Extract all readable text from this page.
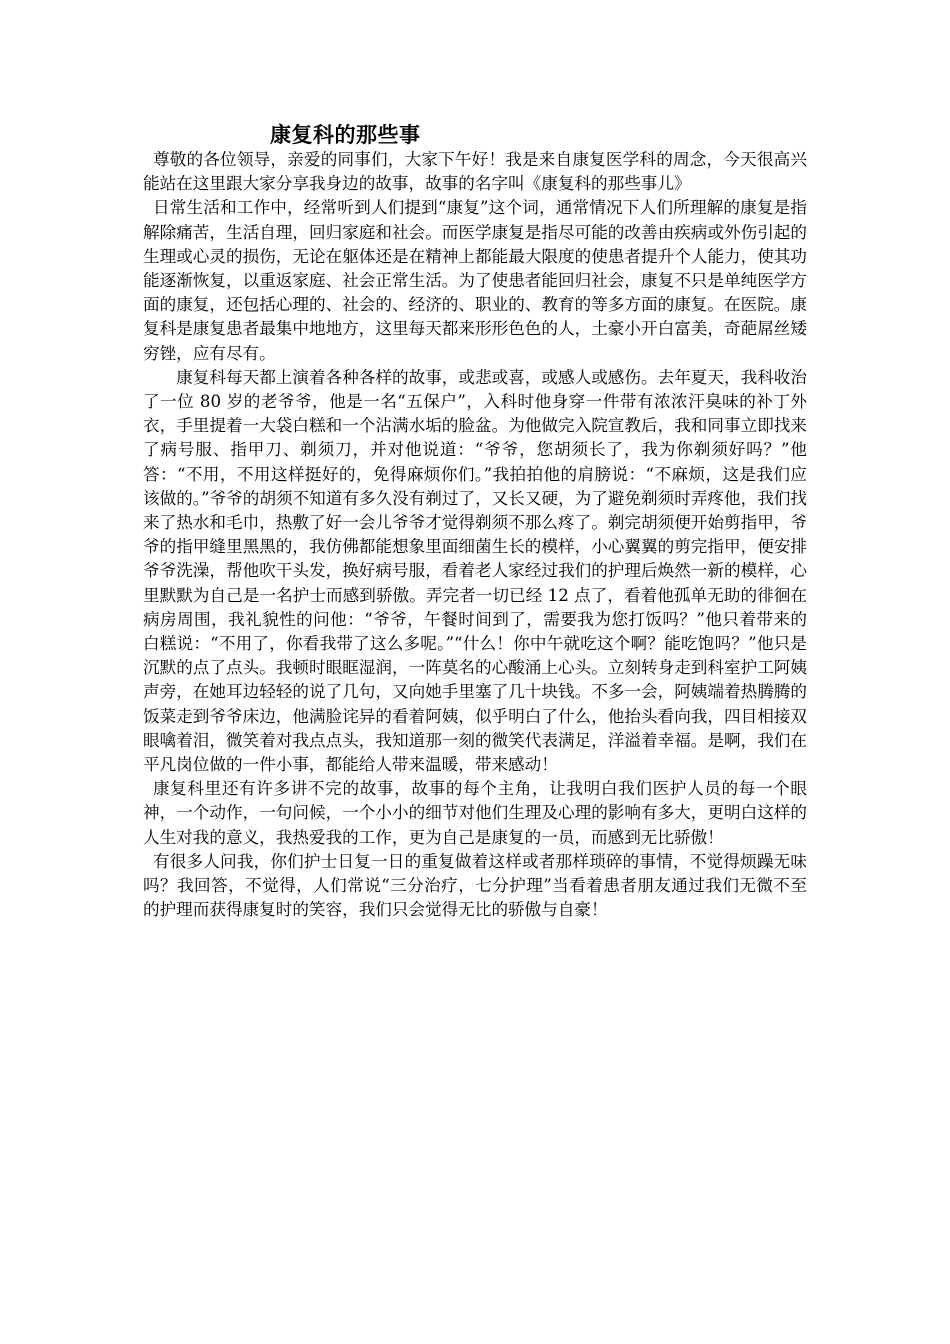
康复科的那些事

尊敬的各位领导，亲爱的同事们，大家下午好！我是来自康复医学科的周念，今天很高兴能站在这里跟大家分享我身边的故事，故事的名字叫《康复科的那些事儿》

日常生活和工作中，经常听到人们提到“康复”这个词，通常情况下人们所理解的康复是指解除痛苦，生活自理，回归家庭和社会。而医学康复是指尽可能的改善由疾病或外伤引起的生理或心灵的损伤，无论在躯体还是在精神上都能最大限度的使患者提升个人能力，使其功能逐渐恢复，以重返家庭、社会正常生活。为了使患者能回归社会，康复不只是单纯医学方面的康复，还包括心理的、社会的、经济的、职业的、教育的等多方面的康复。在医院。康复科是康复患者最集中地地方，这里每天都来形形色色的人，土豪小开白富美，奇葩屌丝矮穷锉，应有尽有。

康复科每天都上演着各种各样的故事，或悲或喜，或感人或感伤。去年夏天，我科收治了一位 80 岁的老爷爷，他是一名“五保户”，入科时他身穿一件带有浓浓汗臭味的补丁外衣，手里提着一大袋白糕和一个沾满水垢的脸盆。为他做完入院宣教后，我和同事立即找来了病号服、指甲刀、剃须刀，并对他说道：“爷爷，您胡须长了，我为你剃须好吗？”他答：“不用，不用这样挺好的，免得麻烦你们。”我拍拍他的肩膀说：“不麻烦，这是我们应该做的。”爷爷的胡须不知道有多久没有剃过了，又长又硬，为了避免剃须时弄疼他，我们找来了热水和毛巾，热敷了好一会儿爷爷才觉得剃须不那么疼了。剃完胡须便开始剪指甲，爷爷的指甲缝里黑黑的，我仿佛都能想象里面细菌生长的模样，小心翼翼的剪完指甲，便安排爷爷洗澡，帮他吹干头发，换好病号服，看着老人家经过我们的护理后焕然一新的模样，心里默默为自己是一名护士而感到骄傲。弄完者一切已经 12 点了，看着他孤单无助的徘徊在病房周围，我礼貌性的问他：“爷爷，午餐时间到了，需要我为您打饭吗？”他只着带来的白糕说：“不用了，你看我带了这么多呢。”“什么！你中午就吃这个啊？能吃饱吗？”他只是沉默的点了点头。我顿时眼眶湿润，一阵莫名的心酸涌上心头。立刻转身走到科室护工阿姨声旁，在她耳边轻轻的说了几句，又向她手里塞了几十块钱。不多一会，阿姨端着热腾腾的饭菜走到爷爷床边，他满脸诧异的看着阿姨，似乎明白了什么，他抬头看向我，四目相接双眼噙着泪，微笑着对我点点头，我知道那一刻的微笑代表满足，洋溢着幸福。是啊，我们在平凡岗位做的一件小事，都能给人带来温暖，带来感动！

康复科里还有许多讲不完的故事，故事的每个主角，让我明白我们医护人员的每一个眼神，一个动作，一句问候，一个小小的细节对他们生理及心理的影响有多大，更明白这样的人生对我的意义，我热爱我的工作，更为自己是康复的一员，而感到无比骄傲！

有很多人问我，你们护士日复一日的重复做着这样或者那样琐碎的事情，不觉得烦躁无味吗？我回答，不觉得，人们常说“三分治疗，七分护理”当看着患者朋友通过我们无微不至的护理而获得康复时的笑容，我们只会觉得无比的骄傲与自豪！
